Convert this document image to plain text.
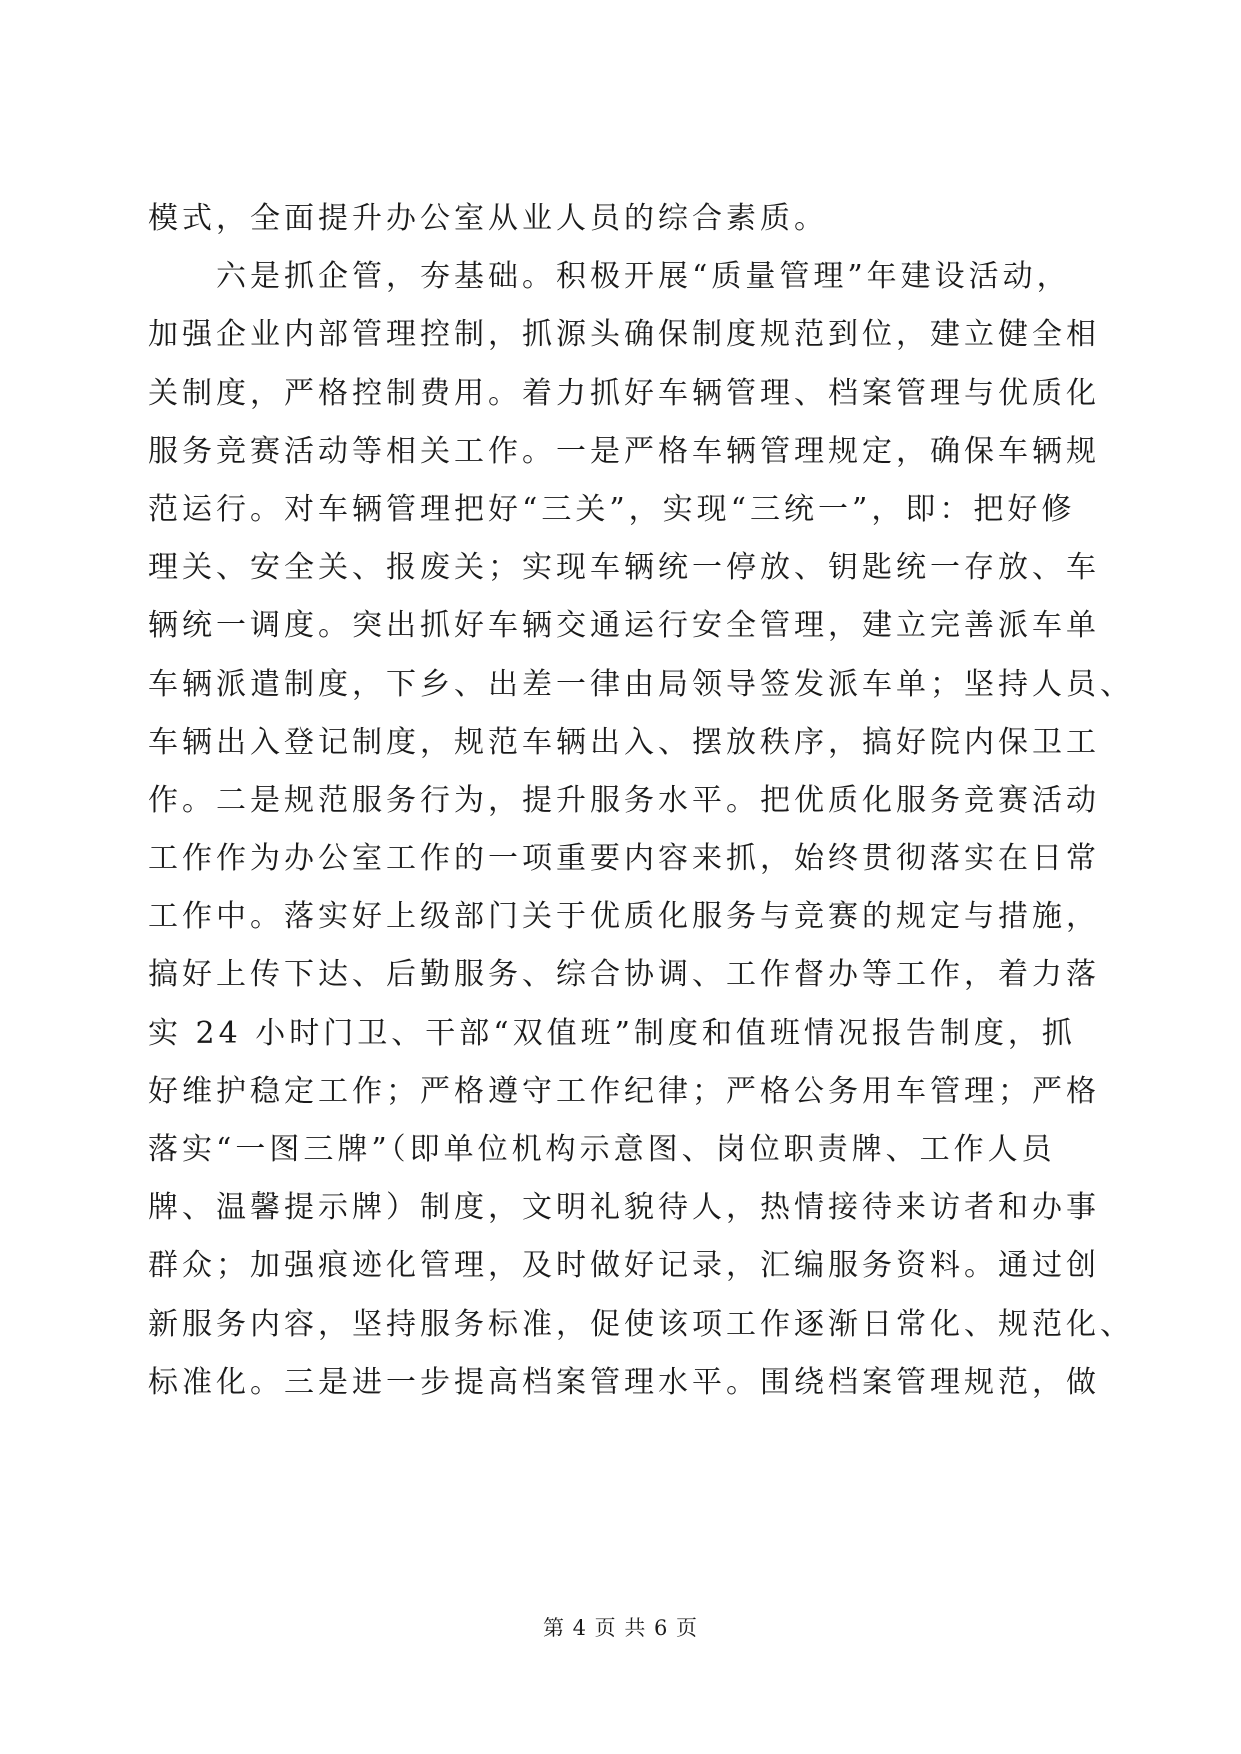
模式，全面提升办公室从业人员的综合素质。
　　六是抓企管，夯基础。积极开展“质量管理”年建设活动，
加强企业内部管理控制，抓源头确保制度规范到位，建立健全相
关制度，严格控制费用。着力抓好车辆管理、档案管理与优质化
服务竞赛活动等相关工作。一是严格车辆管理规定，确保车辆规
范运行。对车辆管理把好“三关”，实现“三统一”，即：把好修
理关、安全关、报废关；实现车辆统一停放、钥匙统一存放、车
辆统一调度。突出抓好车辆交通运行安全管理，建立完善派车单
车辆派遣制度，下乡、出差一律由局领导签发派车单；坚持人员、
车辆出入登记制度，规范车辆出入、摆放秩序，搞好院内保卫工
作。二是规范服务行为，提升服务水平。把优质化服务竞赛活动
工作作为办公室工作的一项重要内容来抓，始终贯彻落实在日常
工作中。落实好上级部门关于优质化服务与竞赛的规定与措施，
搞好上传下达、后勤服务、综合协调、工作督办等工作，着力落
实 24 小时门卫、干部“双值班”制度和值班情况报告制度，抓
好维护稳定工作；严格遵守工作纪律；严格公务用车管理；严格
落实“一图三牌”（即单位机构示意图、岗位职责牌、工作人员
牌、温馨提示牌）制度，文明礼貌待人，热情接待来访者和办事
群众；加强痕迹化管理，及时做好记录，汇编服务资料。通过创
新服务内容，坚持服务标准，促使该项工作逐渐日常化、规范化、
标准化。三是进一步提高档案管理水平。围绕档案管理规范，做
第 4 页 共 6 页
